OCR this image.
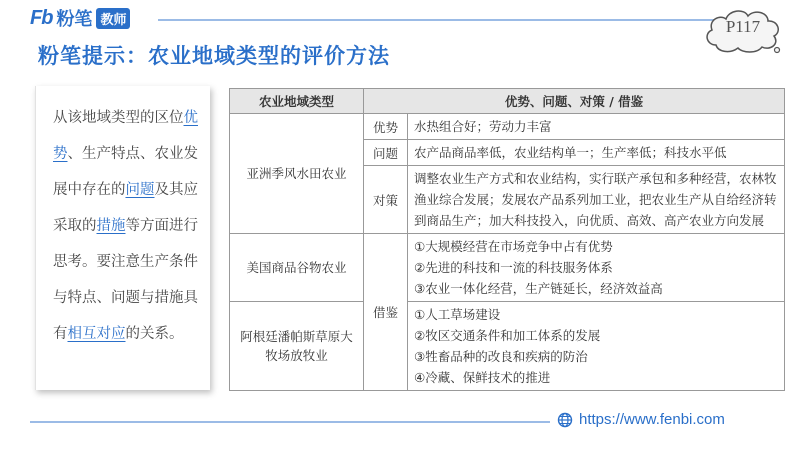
Fb 粉笔 教师	P117
粉笔提示：农业地域类型的评价方法

从该地域类型的区位优势、生产特点、农业发展中存在的问题及其应采取的措施等方面进行思考。要注意生产条件与特点、问题与措施具有相互对应的关系。

农业地域类型	优势、问题、对策 / 借鉴	
亚洲季风水田农业	优势	水热组合好；劳动力丰富
	问题	农产品商品率低，农业结构单一；生产率低；科技水平低
	对策	调整农业生产方式和农业结构，实行联产承包和多种经营，农林牧渔业综合发展；发展农产品系列加工业，把农业生产从自给经济转到商品生产；加大科技投入，向优质、高效、高产农业方向发展
美国商品谷物农业	借鉴	①大规模经营在市场竞争中占有优势
②先进的科技和一流的科技服务体系
③农业一体化经营，生产链延长，经济效益高

阿根廷潘帕斯草原大牧场放牧业		①人工草场建设
②牧区交通条件和加工体系的发展
③牲畜品种的改良和疾病的防治
④冷藏、保鲜技术的推进
https://www.fenbi.com
